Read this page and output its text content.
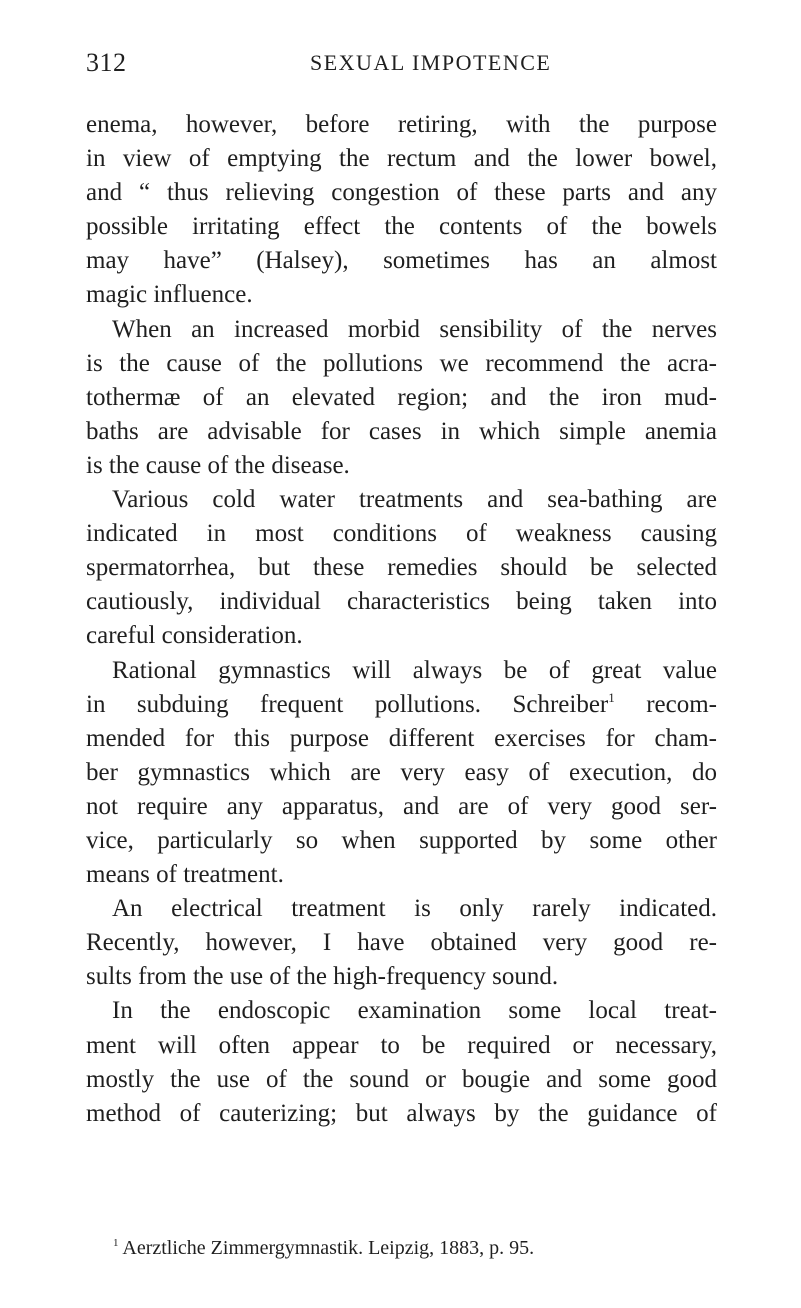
312	SEXUAL IMPOTENCE

enema, however, before retiring, with the purpose
in view of emptying the rectum and the lower bowel,
and “ thus relieving congestion of these parts and any
possible irritating effect the contents of the bowels
may have” (Halsey), sometimes has an almost
magic influence.

When an increased morbid sensibility of the nerves
is the cause of the pollutions we recommend the acra-
tothermæ of an elevated region; and the iron mud-
baths are advisable for cases in which simple anemia
is the cause of the disease.

Various cold water treatments and sea-bathing are
indicated in most conditions of weakness causing
spermatorrhea, but these remedies should be selected
cautiously, individual characteristics being taken into
careful consideration.

Rational gymnastics will always be of great value
in subduing frequent pollutions. Schreiber$^1$ recom-
mended for this purpose different exercises for cham-
ber gymnastics which are very easy of execution, do
not require any apparatus, and are of very good ser-
vice, particularly so when supported by some other
means of treatment.

An electrical treatment is only rarely indicated.
Recently, however, I have obtained very good re-
sults from the use of the high-frequency sound.

In the endoscopic examination some local treat-
ment will often appear to be required or necessary,
mostly the use of the sound or bougie and some good
method of cauterizing; but always by the guidance of

$^1$ Aerztliche Zimmergymnastik. Leipzig, 1883, p. 95.
